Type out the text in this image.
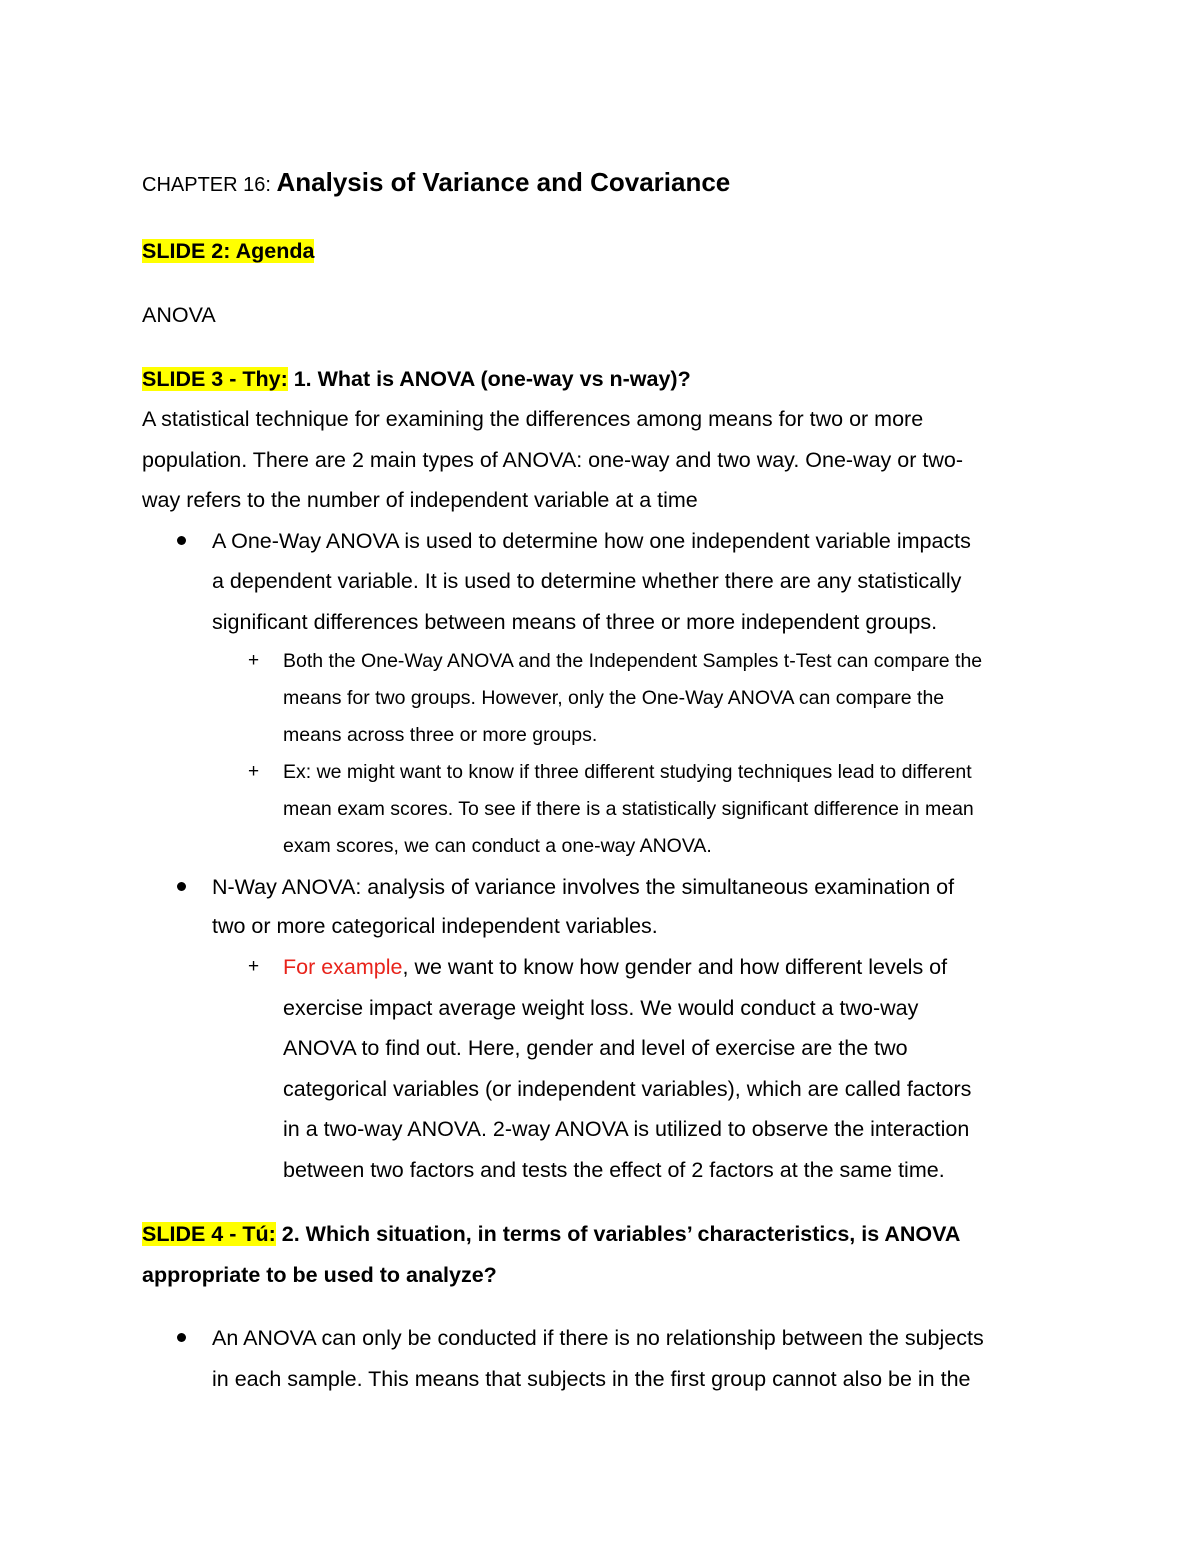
CHAPTER 16: Analysis of Variance and Covariance
SLIDE 2: Agenda
ANOVA
SLIDE 3 - Thy: 1. What is ANOVA (one-way vs n-way)?
A statistical technique for examining the differences among means for two or more
population. There are 2 main types of ANOVA: one-way and two way. One-way or two-
way refers to the number of independent variable at a time
A One-Way ANOVA is used to determine how one independent variable impacts
a dependent variable. It is used to determine whether there are any statistically
significant differences between means of three or more independent groups.
+ Both the One-Way ANOVA and the Independent Samples t-Test can compare the
means for two groups. However, only the One-Way ANOVA can compare the
means across three or more groups.
+ Ex: we might want to know if three different studying techniques lead to different
mean exam scores. To see if there is a statistically significant difference in mean
exam scores, we can conduct a one-way ANOVA.
N-Way ANOVA: analysis of variance involves the simultaneous examination of
two or more categorical independent variables.
+ For example, we want to know how gender and how different levels of
exercise impact average weight loss. We would conduct a two-way
ANOVA to find out. Here, gender and level of exercise are the two
categorical variables (or independent variables), which are called factors
in a two-way ANOVA. 2-way ANOVA is utilized to observe the interaction
between two factors and tests the effect of 2 factors at the same time.
SLIDE 4 - Tú: 2. Which situation, in terms of variables’ characteristics, is ANOVA
appropriate to be used to analyze?
An ANOVA can only be conducted if there is no relationship between the subjects
in each sample. This means that subjects in the first group cannot also be in the
